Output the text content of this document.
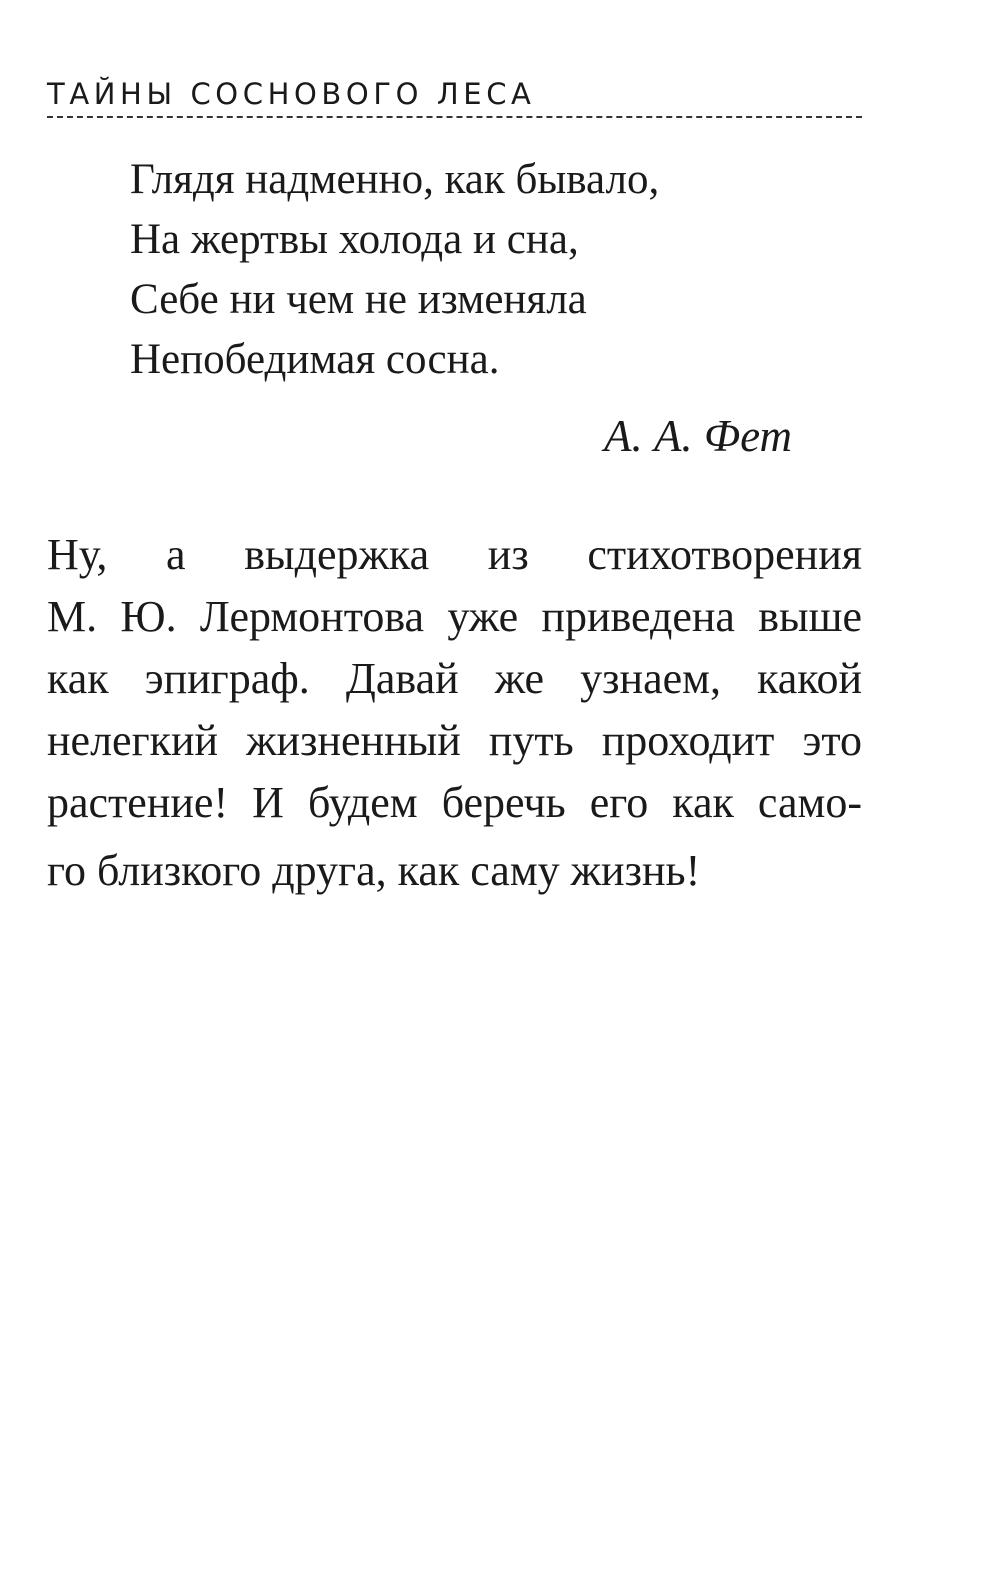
ТАЙНЫ СОСНОВОГО ЛЕСА
Глядя надменно, как бывало,
На жертвы холода и сна,
Себе ни чем не изменяла
Непобедимая сосна.
А. А. Фет
Ну, а выдержка из стихотворения
М. Ю. Лермонтова уже приведена выше
как эпиграф. Давай же узнаем, какой
нелегкий жизненный путь проходит это
растение! И будем беречь его как само-
го близкого друга, как саму жизнь!
